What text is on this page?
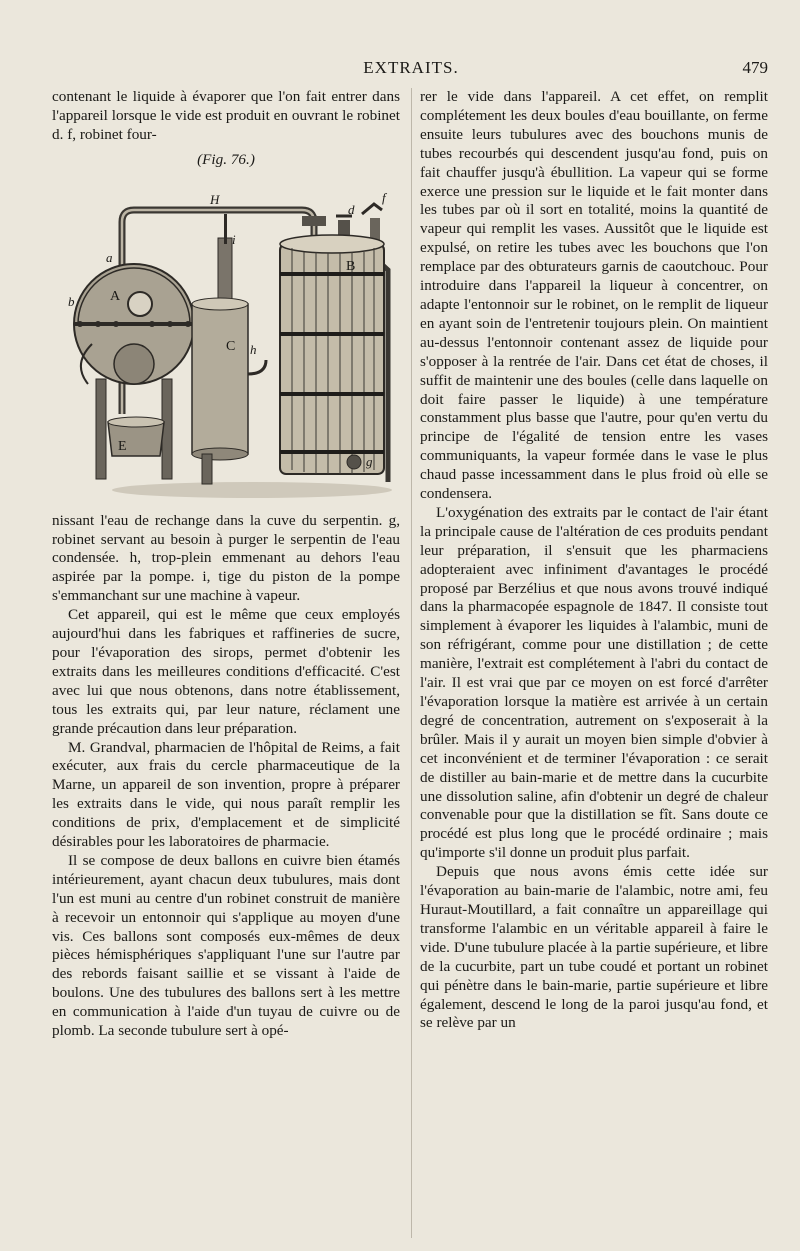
EXTRAITS.	479

contenant le liquide à évaporer que l'on fait entrer dans l'appareil lorsque le vide est produit en ouvrant le robinet d. f, robinet four-

(Fig. 76.)
A
B
C
E
a
b
d
f
g
h
i
H

nissant l'eau de rechange dans la cuve du serpentin. g, robinet servant au besoin à purger le serpentin de l'eau condensée. h, trop-plein emmenant au dehors l'eau aspirée par la pompe. i, tige du piston de la pompe s'emmanchant sur une machine à vapeur.

Cet appareil, qui est le même que ceux employés aujourd'hui dans les fabriques et raffineries de sucre, pour l'évaporation des sirops, permet d'obtenir les extraits dans les meilleures conditions d'efficacité. C'est avec lui que nous obtenons, dans notre établissement, tous les extraits qui, par leur nature, réclament une grande précaution dans leur préparation.

M. Grandval, pharmacien de l'hôpital de Reims, a fait exécuter, aux frais du cercle pharmaceutique de la Marne, un appareil de son invention, propre à préparer les extraits dans le vide, qui nous paraît remplir les conditions de prix, d'emplacement et de simplicité désirables pour les laboratoires de pharmacie.

Il se compose de deux ballons en cuivre bien étamés intérieurement, ayant chacun deux tubulures, mais dont l'un est muni au centre d'un robinet construit de manière à recevoir un entonnoir qui s'applique au moyen d'une vis. Ces ballons sont composés eux-mêmes de deux pièces hémisphériques s'appliquant l'une sur l'autre par des rebords faisant saillie et se vissant à l'aide de boulons. Une des tubulures des ballons sert à les mettre en communication à l'aide d'un tuyau de cuivre ou de plomb. La seconde tubulure sert à opé-

rer le vide dans l'appareil. A cet effet, on remplit complétement les deux boules d'eau bouillante, on ferme ensuite leurs tubulures avec des bouchons munis de tubes recourbés qui descendent jusqu'au fond, puis on fait chauffer jusqu'à ébullition. La vapeur qui se forme exerce une pression sur le liquide et le fait monter dans les tubes par où il sort en totalité, moins la quantité de vapeur qui remplit les vases. Aussitôt que le liquide est expulsé, on retire les tubes avec les bouchons que l'on remplace par des obturateurs garnis de caoutchouc. Pour introduire dans l'appareil la liqueur à concentrer, on adapte l'entonnoir sur le robinet, on le remplit de liqueur en ayant soin de l'entretenir toujours plein. On maintient au-dessus l'entonnoir contenant assez de liquide pour s'opposer à la rentrée de l'air. Dans cet état de choses, il suffit de maintenir une des boules (celle dans laquelle on doit faire passer le liquide) à une température constamment plus basse que l'autre, pour qu'en vertu du principe de l'égalité de tension entre les vases communiquants, la vapeur formée dans le vase le plus chaud passe incessamment dans le plus froid où elle se condensera.

L'oxygénation des extraits par le contact de l'air étant la principale cause de l'altération de ces produits pendant leur préparation, il s'ensuit que les pharmaciens adopteraient avec infiniment d'avantages le procédé proposé par Berzélius et que nous avons trouvé indiqué dans la pharmacopée espagnole de 1847. Il consiste tout simplement à évaporer les liquides à l'alambic, muni de son réfrigérant, comme pour une distillation ; de cette manière, l'extrait est complétement à l'abri du contact de l'air. Il est vrai que par ce moyen on est forcé d'arrêter l'évaporation lorsque la matière est arrivée à un certain degré de concentration, autrement on s'exposerait à la brûler. Mais il y aurait un moyen bien simple d'obvier à cet inconvénient et de terminer l'évaporation : ce serait de distiller au bain-marie et de mettre dans la cucurbite une dissolution saline, afin d'obtenir un degré de chaleur convenable pour que la distillation se fît. Sans doute ce procédé est plus long que le procédé ordinaire ; mais qu'importe s'il donne un produit plus parfait.

Depuis que nous avons émis cette idée sur l'évaporation au bain-marie de l'alambic, notre ami, feu Huraut-Moutillard, a fait connaître un appareillage qui transforme l'alambic en un véritable appareil à faire le vide. D'une tubulure placée à la partie supérieure, et libre de la cucurbite, part un tube coudé et portant un robinet qui pénètre dans le bain-marie, partie supérieure et libre également, descend le long de la paroi jusqu'au fond, et se relève par un
